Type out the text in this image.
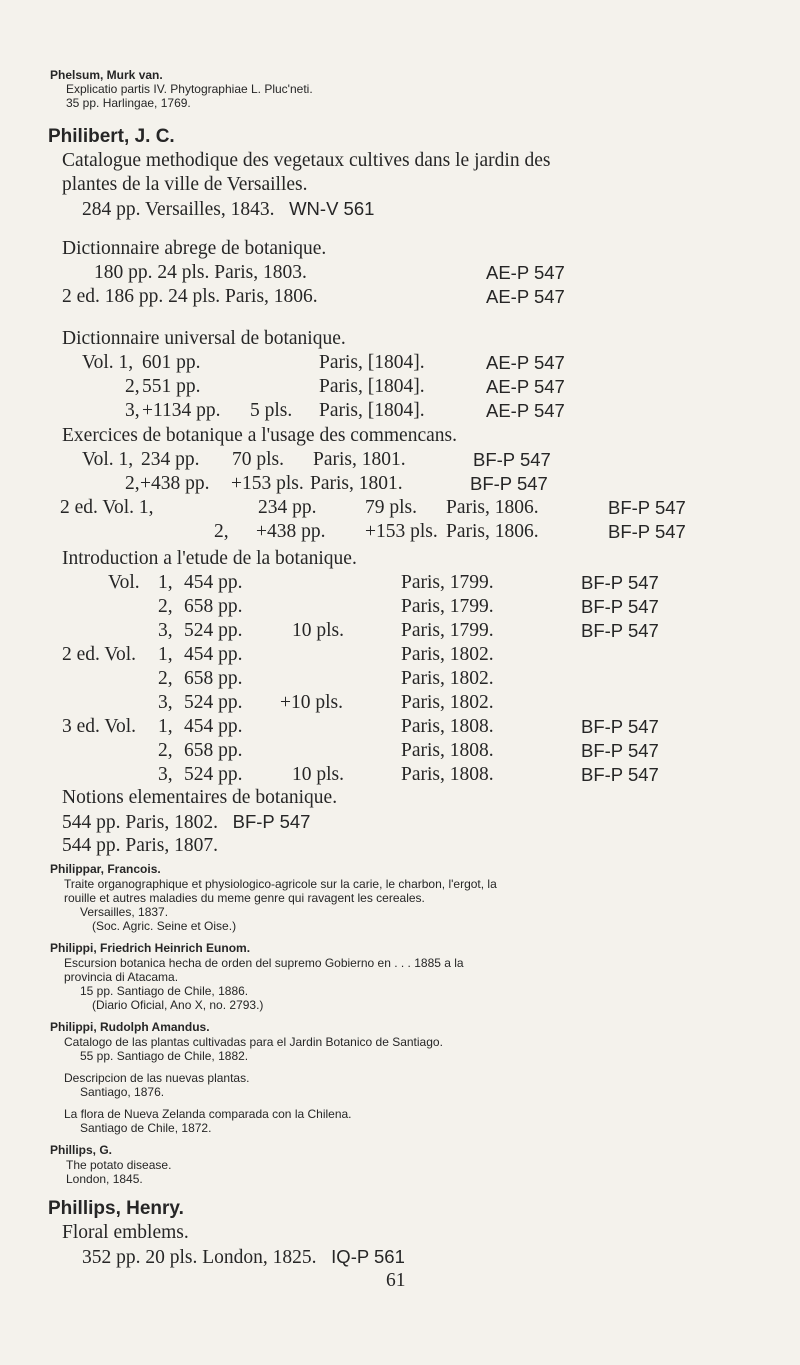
Phelsum, Murk van.
Explicatio partis IV. Phytographiae L. Pluc'neti.
35 pp. Harlingae, 1769.
Philibert, J. C.
Catalogue methodique des vegetaux cultives dans le jardin des
plantes de la ville de Versailles.
284 pp. Versailles, 1843. WN-V 561
Dictionnaire abrege de botanique.
180 pp. 24 pls. Paris, 1803.	AE-P 547
2 ed. 186 pp. 24 pls. Paris, 1806.	AE-P 547
Dictionnaire universal de botanique.
Vol. 1, 601 pp.	Paris, [1804].	AE-P 547
2, 551 pp.	Paris, [1804].	AE-P 547
3, +1134 pp. 5 pls. Paris, [1804].	AE-P 547
Exercices de botanique a l'usage des commencans.
Vol. 1, 234 pp. 70 pls. Paris, 1801.	BF-P 547
2, +438 pp. +153 pls. Paris, 1801.	BF-P 547
2 ed. Vol. 1,	234 pp. 79 pls. Paris, 1806.	BF-P 547
2, +438 pp. +153 pls. Paris, 1806.	BF-P 547
Introduction a l'etude de la botanique.
Vol. 1, 454 pp.	Paris, 1799.	BF-P 547
2, 658 pp.	Paris, 1799.	BF-P 547
3, 524 pp.	10 pls.	Paris, 1799.	BF-P 547
2 ed. Vol. 1, 454 pp.	Paris, 1802.
2, 658 pp.	Paris, 1802.
3, 524 pp. +10 pls.	Paris, 1802.
3 ed. Vol. 1, 454 pp.	Paris, 1808.	BF-P 547
2, 658 pp.	Paris, 1808.	BF-P 547
3, 524 pp.	10 pls.	Paris, 1808.	BF-P 547
Notions elementaires de botanique.
544 pp. Paris, 1802. BF-P 547
544 pp. Paris, 1807.
Philippar, Francois.
Traite organographique et physiologico-agricole sur la carie, le charbon, l'ergot, la
rouille et autres maladies du meme genre qui ravagent les cereales.
Versailles, 1837.
(Soc. Agric. Seine et Oise.)
Philippi, Friedrich Heinrich Eunom.
Escursion botanica hecha de orden del supremo Gobierno en . . . 1885 a la
provincia di Atacama.
15 pp. Santiago de Chile, 1886.
(Diario Oficial, Ano X, no. 2793.)
Philippi, Rudolph Amandus.
Catalogo de las plantas cultivadas para el Jardin Botanico de Santiago.
55 pp. Santiago de Chile, 1882.
Descripcion de las nuevas plantas.
Santiago, 1876.
La flora de Nueva Zelanda comparada con la Chilena.
Santiago de Chile, 1872.
Phillips, G.
The potato disease.
London, 1845.
Phillips, Henry.
Floral emblems.
352 pp. 20 pls. London, 1825. IQ-P 561
61
